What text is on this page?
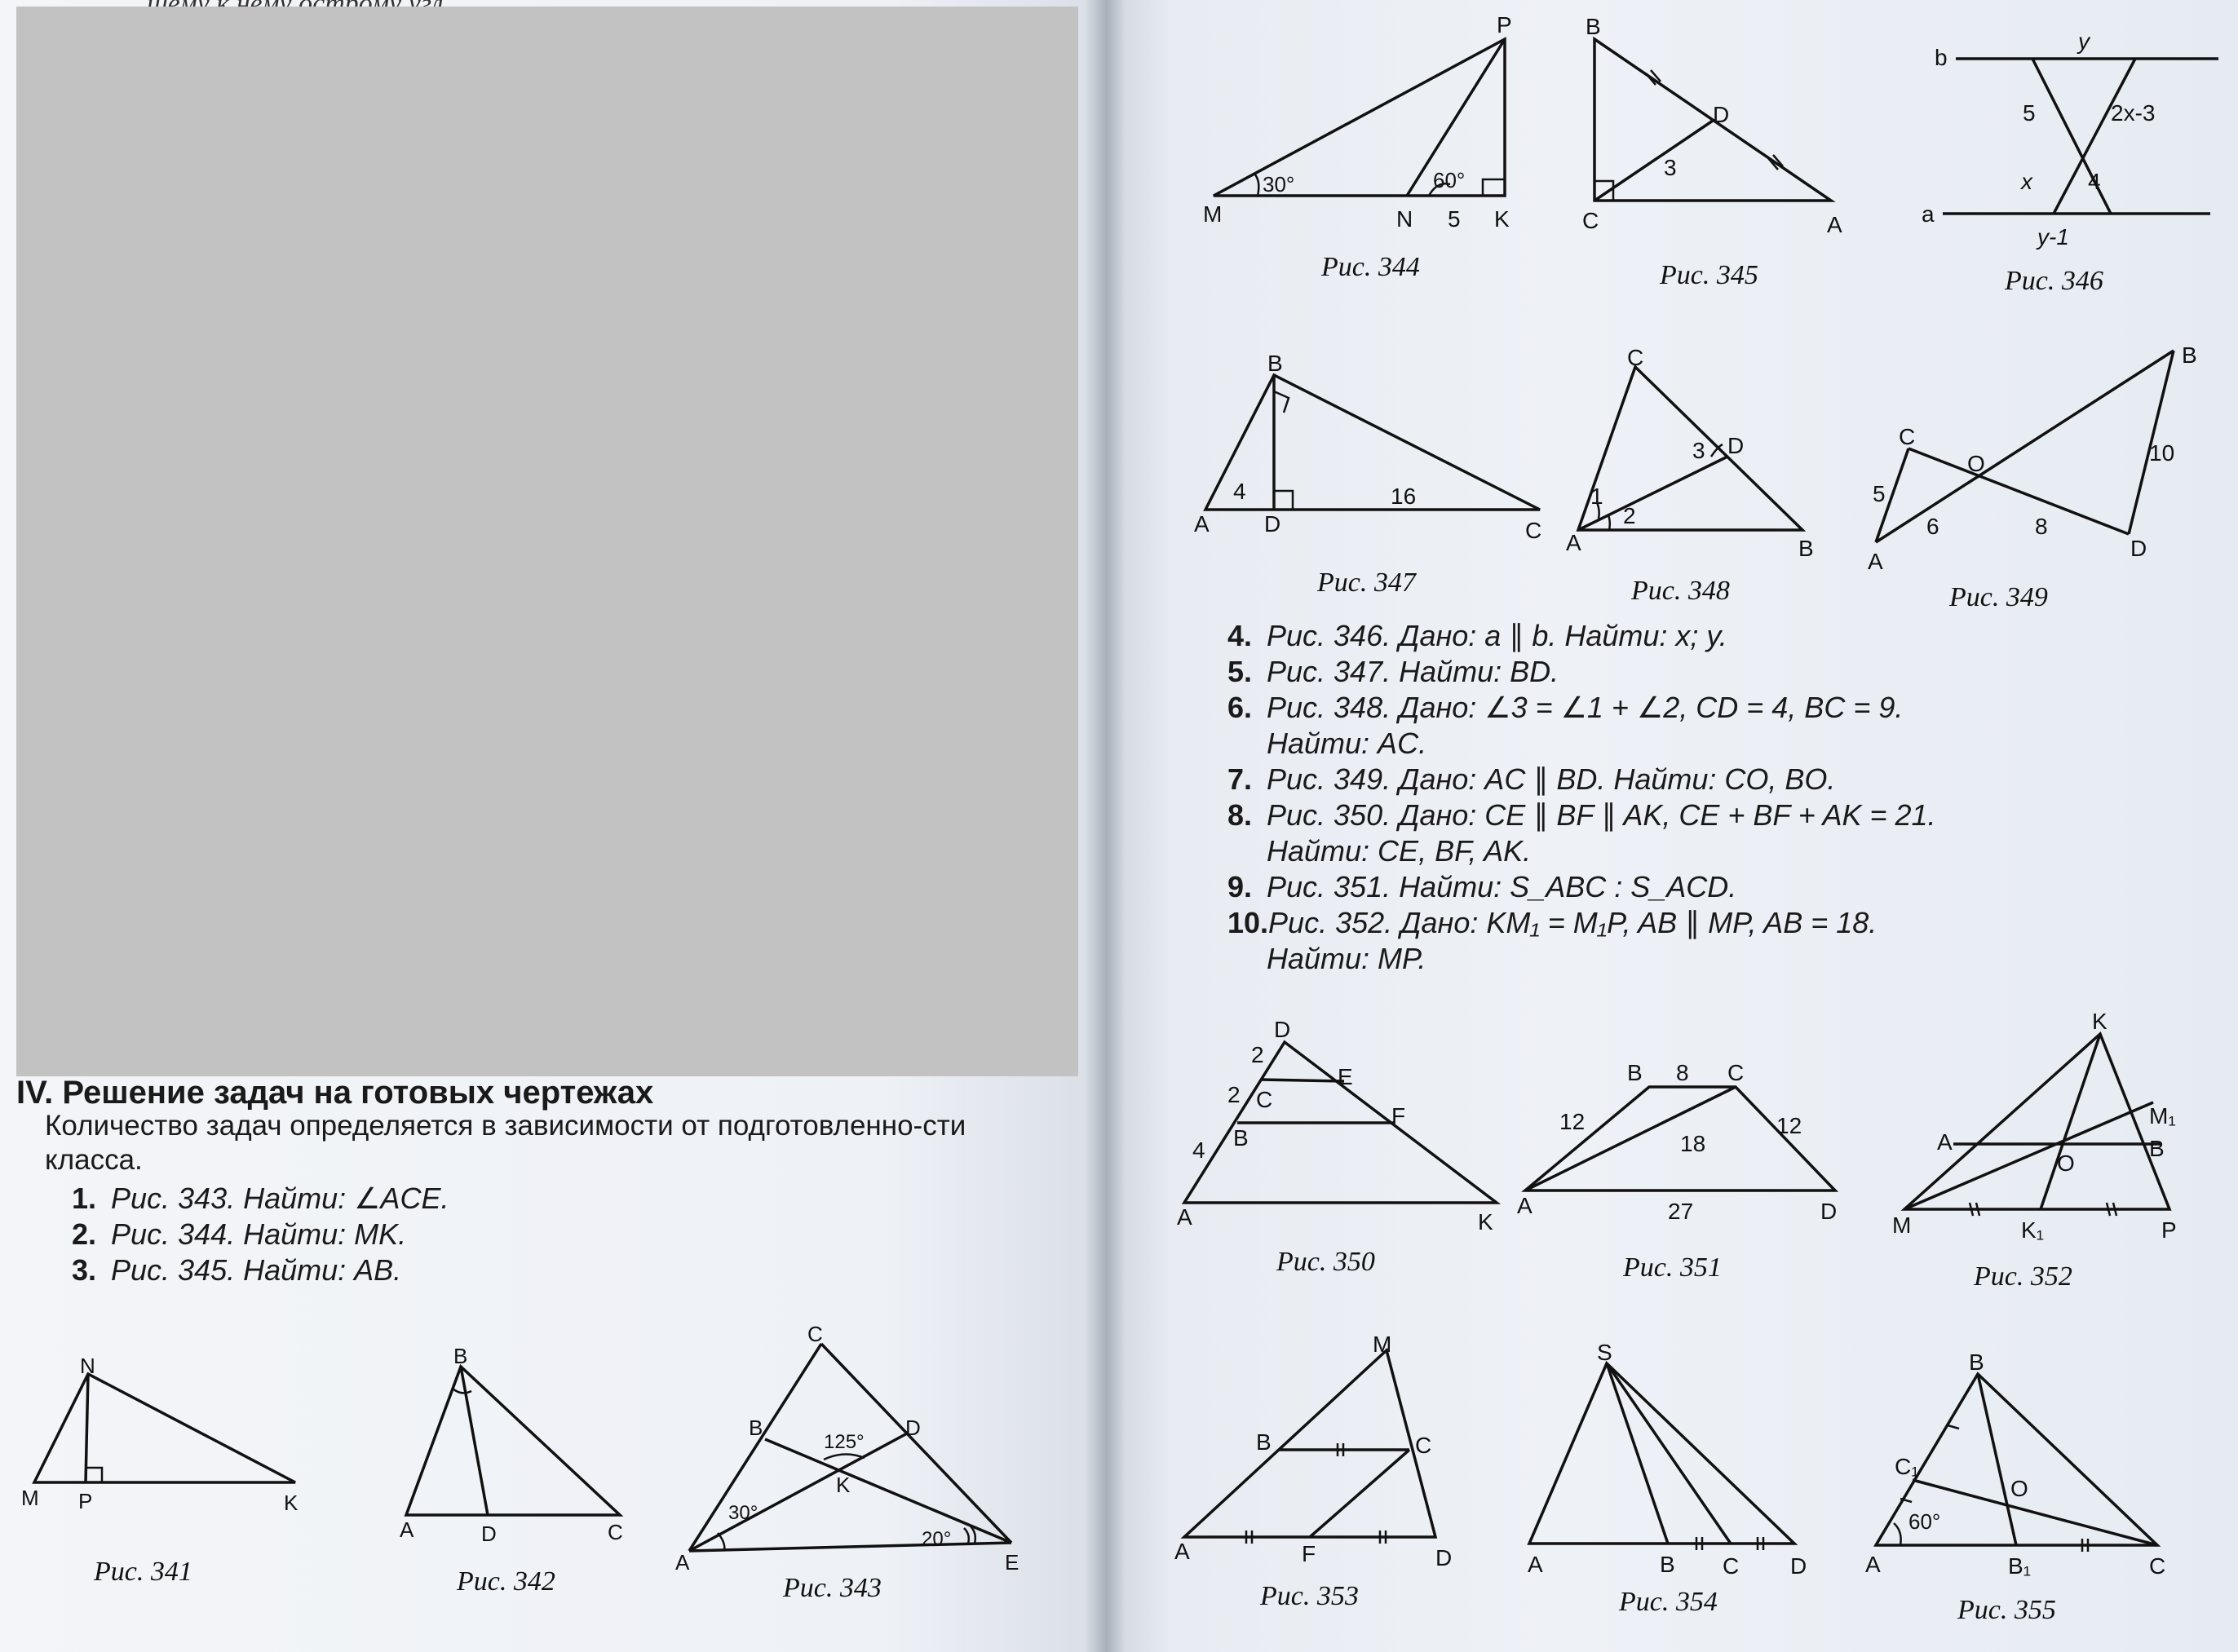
IV. Решение задач на готовых чертежах
Количество задач определяется в зависимости от подготовленно-сти класса.
1. Рис. 343. Найти: ∠ACE.
2. Рис. 344. Найти: MK.
3. Рис. 345. Найти: AB.
4. Рис. 346. Дано: a ∥ b. Найти: x; y.
5. Рис. 347. Найти: BD.
6. Рис. 348. Дано: ∠3 = ∠1 + ∠2, CD = 4, BC = 9.
Найти: AC.
7. Рис. 349. Дано: AC ∥ BD. Найти: CO, BO.
8. Рис. 350. Дано: CE ∥ BF ∥ AK, CE + BF + AK = 21.
Найти: CE, BF, AK.
9. Рис. 351. Найти: S_ABC : S_ACD.
10.Рис. 352. Дано: KM₁ = M₁P, AB ∥ MP, AB = 18.
Найти: MP.
N
M P	K
Рис. 341
B
A	D	C
Рис. 342
C
B	D
125°
K
30°
A
20°
E
Рис. 343
P
M
30°	60°
N 5 K
Рис. 344
B
D
3
C	A
Рис. 345
b
y
5	2x-3
x 4
a
y-1
Рис. 346
B
4	16
A D	C
Рис. 347
C
3 D
1
2
A	B
Рис. 348
B
C
O	10
5
6	8
A
D
Рис. 349
D
2
E
2 C
F
4 B
A	K
Рис. 350
B 8 C
12	12
18
A	27	D
Рис. 351
K
M₁
A	B
O
M	K₁	P
Рис. 352
M
B	C
A	F	D
Рис. 353
S
A	B C D
Рис. 354
B
C₁
O
60°
A	B₁	C
Рис. 355
